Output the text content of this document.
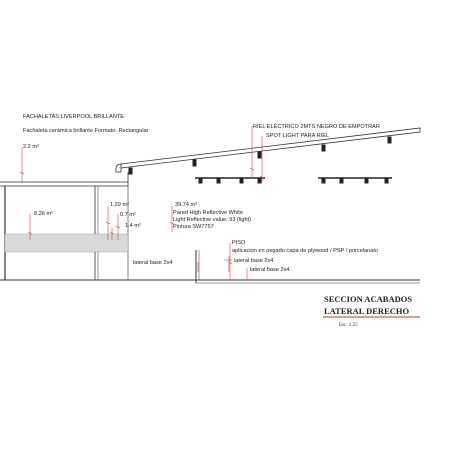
FACHALETAS LIVERPOOL BRILLANTE
Fachaleta cerámica brillante Formato: Rectangular
2.2 m²
8.26 m²
1.29 m²
0.7 m²
1.4 m²
39.74 m²
Pared High Reflective White
Light Reflective value: 93 (light)
Pintura SW7757
RIEL ELÉCTRICO 2MTS NEGRO DE EMPOTRAR
SPOT LIGHT PARA RIEL
PISO
aplicacion en pegado capa de plywood / PSP / porcelanato
lateral base 2x4	lateral base 2x4
lateral base 2x4
SECCION ACABADOS
LATERAL DERECHO
Esc. 1:25
